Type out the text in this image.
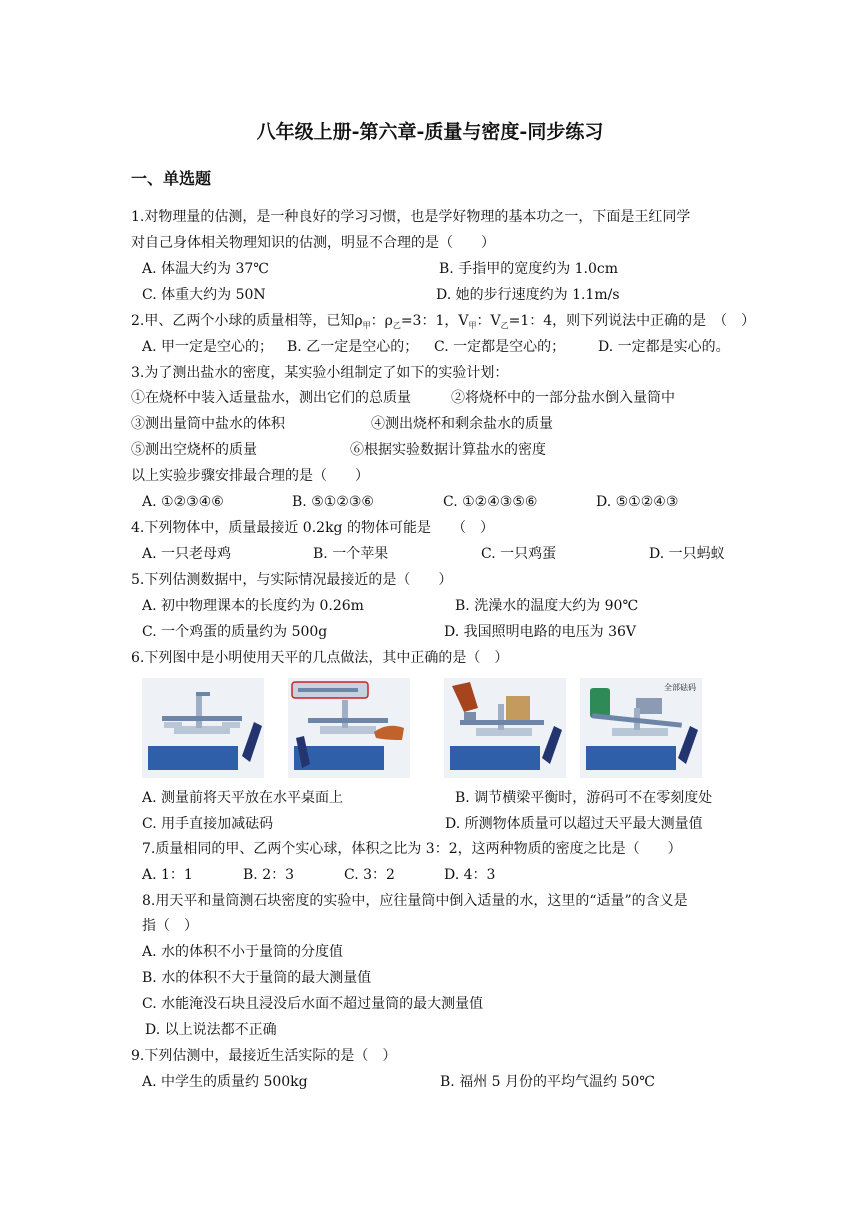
八年级上册-第六章-质量与密度-同步练习
一、单选题
1.对物理量的估测，是一种良好的学习习惯，也是学好物理的基本功之一，下面是王红同学
对自己身体相关物理知识的估测，明显不合理的是（　　）
A. 体温大约为 37℃	B. 手指甲的宽度约为 1.0cm
C. 体重大约为 50N	D. 她的步行速度约为 1.1m/s
2.甲、乙两个小球的质量相等，已知$\rho_甲$：$\rho_乙=3$：1，$V_甲$：$V_乙=1$：4，则下列说法中正确的是　（　）
A. 甲一定是空心的； B. 乙一定是空心的； C. 一定都是空心的； D. 一定都是实心的。
3.为了测出盐水的密度，某实验小组制定了如下的实验计划：
①在烧杯中装入适量盐水，测出它们的总质量	②将烧杯中的一部分盐水倒入量筒中
③测出量筒中盐水的体积	④测出烧杯和剩余盐水的质量
⑤测出空烧杯的质量	⑥根据实验数据计算盐水的密度
以上实验步骤安排最合理的是（　　）
A. ①②③④⑥	B. ⑤①②③⑥	C. ①②④③⑤⑥	D. ⑤①②④③
4.下列物体中，质量最接近 0.2kg 的物体可能是　　（　）
A. 一只老母鸡	B. 一个苹果	C. 一只鸡蛋	D. 一只蚂蚁
5.下列估测数据中，与实际情况最接近的是（　　）
A. 初中物理课本的长度约为 0.26m	B. 洗澡水的温度大约为 90℃
C. 一个鸡蛋的质量约为 500g	D. 我国照明电路的电压为 36V
6.下列图中是小明使用天平的几点做法，其中正确的是（　）
全部砝码
A. 测量前将天平放在水平桌面上	B. 调节横梁平衡时，游码可不在零刻度处
C. 用手直接加减砝码	D. 所测物体质量可以超过天平最大测量值
7.质量相同的甲、乙两个实心球，体积之比为 3：2，这两种物质的密度之比是（　　）
A. 1：1	B. 2：3	C. 3：2	D. 4：3
8.用天平和量筒测石块密度的实验中，应往量筒中倒入适量的水，这里的“适量”的含义是
指（　）
A. 水的体积不小于量筒的分度值
B. 水的体积不大于量筒的最大测量值
C. 水能淹没石块且浸没后水面不超过量筒的最大测量值
D. 以上说法都不正确
9.下列估测中，最接近生活实际的是（　）
A. 中学生的质量约 500kg	B. 福州 5 月份的平均气温约 50℃
